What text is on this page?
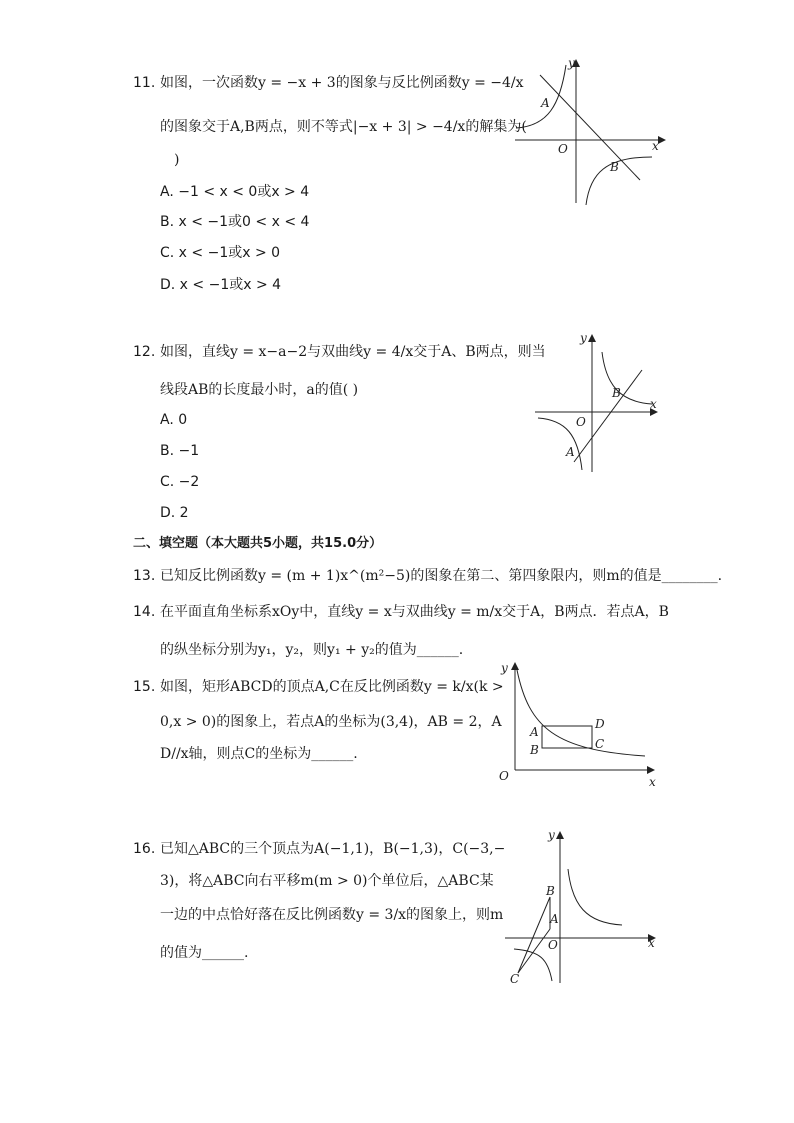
11. 如图，一次函数y = −x + 3的图象与反比例函数y = −4/x
的图象交于A,B两点，则不等式|−x + 3| > −4/x的解集为(
)
A. −1 < x < 0或x > 4
B. x < −1或0 < x < 4
C. x < −1或x > 0
D. x < −1或x > 4
y
x
O
A
B
12. 如图，直线y = x−a−2与双曲线y = 4/x交于A、B两点，则当
线段AB的长度最小时，a的值( )
A. 0
B. −1
C. −2
D. 2
y
x
O
A
B
二、填空题（本大题共5小题，共15.0分）
13. 已知反比例函数y = (m + 1)x^(m²−5)的图象在第二、第四象限内，则m的值是________.
14. 在平面直角坐标系xOy中，直线y = x与双曲线y = m/x交于A，B两点．若点A，B
的纵坐标分别为y₁，y₂，则y₁ + y₂的值为______.
15. 如图，矩形ABCD的顶点A,C在反比例函数y = k/x(k >
0,x > 0)的图象上，若点A的坐标为(3,4)，AB = 2，A
D//x轴，则点C的坐标为______.
y
x
O
A
B	C
D
16. 已知△ABC的三个顶点为A(−1,1)，B(−1,3)，C(−3,−
3)，将△ABC向右平移m(m > 0)个单位后，△ABC某
一边的中点恰好落在反比例函数y = 3/x的图象上，则m
的值为______.
y
x
O
A
B
C
